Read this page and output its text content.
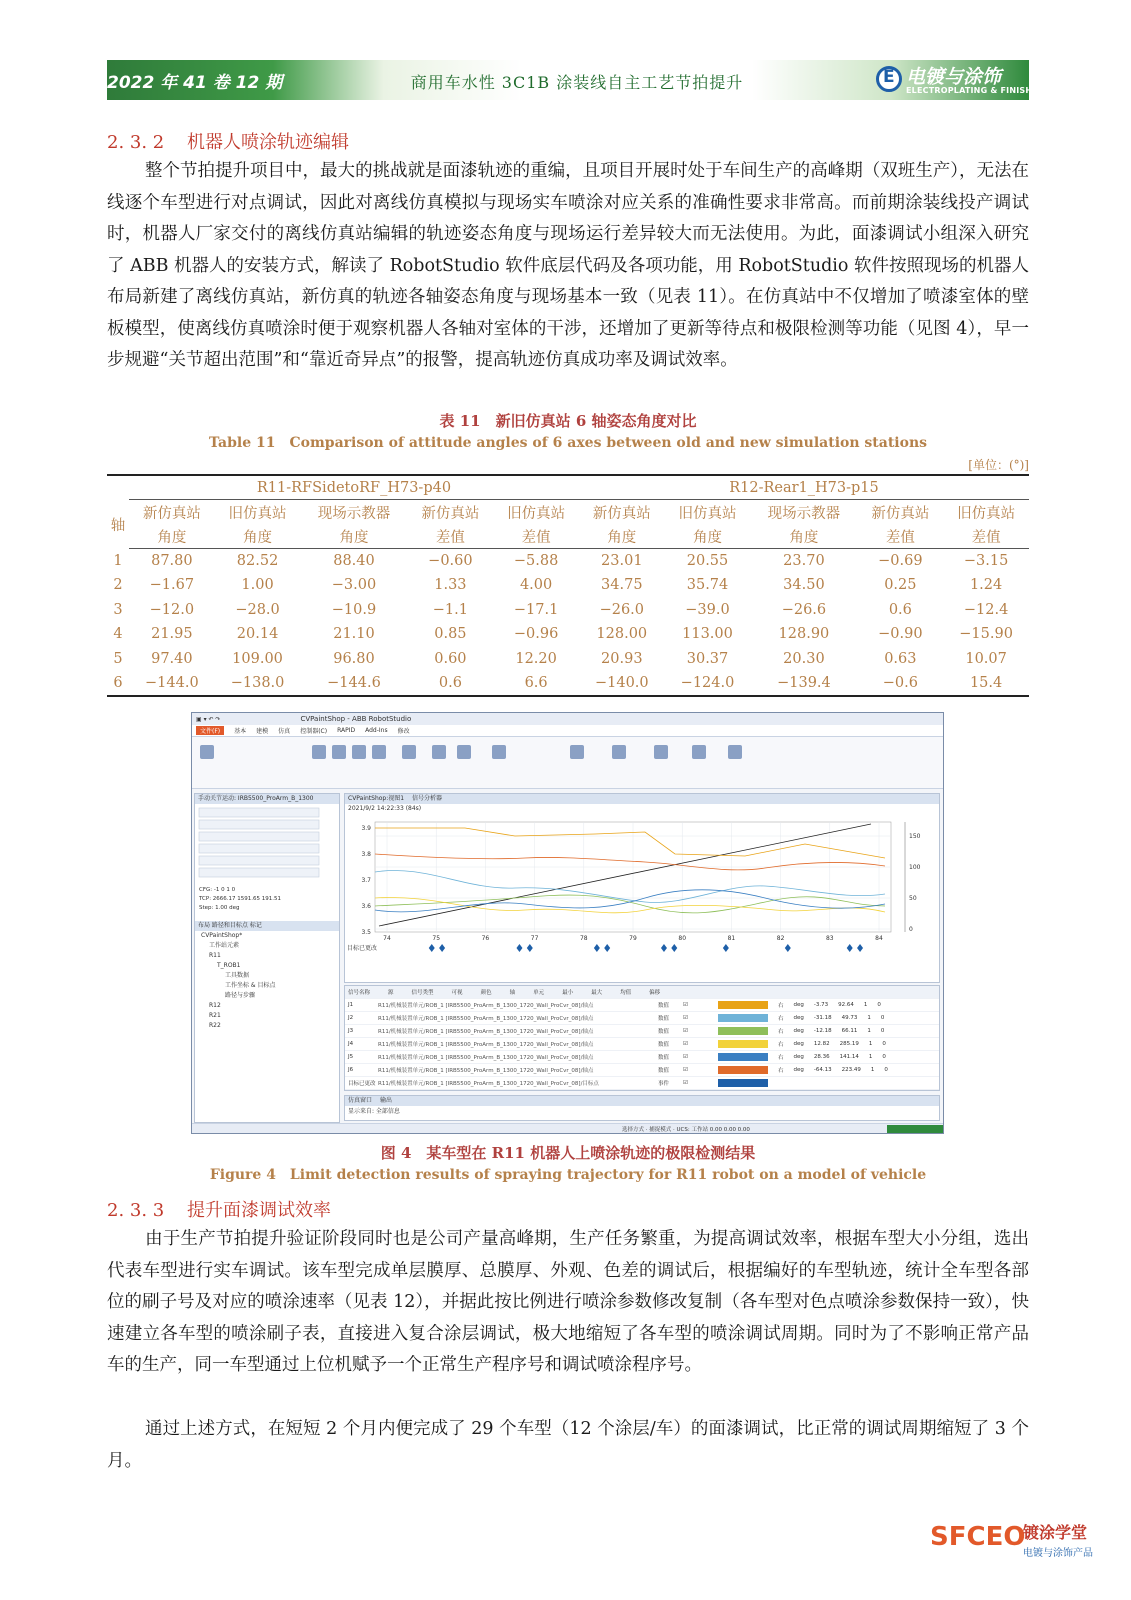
2022 年 41 卷 12 期	商用车水性 3C1B 涂装线自主工艺节拍提升 E	电镀与涂饰
ELECTROPLATING & FINISHING
2. 3. 2 机器人喷涂轨迹编辑
整个节拍提升项目中，最大的挑战就是面漆轨迹的重编，且项目开展时处于车间生产的高峰期（双班生产），无法在线逐个车型进行对点调试，因此对离线仿真模拟与现场实车喷涂对应关系的准确性要求非常高。而前期涂装线投产调试时，机器人厂家交付的离线仿真站编辑的轨迹姿态角度与现场运行差异较大而无法使用。为此，面漆调试小组深入研究了 ABB 机器人的安装方式，解读了 RobotStudio 软件底层代码及各项功能，用 RobotStudio 软件按照现场的机器人布局新建了离线仿真站，新仿真的轨迹各轴姿态角度与现场基本一致（见表 11）。在仿真站中不仅增加了喷漆室体的壁板模型，使离线仿真喷涂时便于观察机器人各轴对室体的干涉，还增加了更新等待点和极限检测等功能（见图 4），早一步规避“关节超出范围”和“靠近奇异点”的报警，提高轨迹仿真成功率及调试效率。
表 11　新旧仿真站 6 轴姿态角度对比
Table 11　Comparison of attitude angles of 6 axes between old and new simulation stations
[单位：(°)]
	R11-RFSidetoRF_H73-p40					R12-Rear1_H73-p15				
轴	新仿真站	旧仿真站	现场示教器	新仿真站	旧仿真站	新仿真站	旧仿真站	现场示教器	新仿真站	旧仿真站
	角度	角度	角度	差值	差值	角度	角度	角度	差值	差值
1	87.80	82.52	88.40	−0.60	−5.88	23.01	20.55	23.70	−0.69	−3.15
2	−1.67	1.00	−3.00	1.33	4.00	34.75	35.74	34.50	0.25	1.24
3	−12.0	−28.0	−10.9	−1.1	−17.1	−26.0	−39.0	−26.6	0.6	−12.4
4	21.95	20.14	21.10	0.85	−0.96	128.00	113.00	128.90	−0.90	−15.90
5	97.40	109.00	96.80	0.60	12.20	20.93	30.37	20.30	0.63	10.07
6	−144.0	−138.0	−144.6	0.6	6.6	−140.0	−124.0	−139.4	−0.6	15.4
▣ ▾ ↶ ↷	CVPaintShop - ABB RobotStudio
文件(F)	基本 建模 仿真 控制器(C) RAPID Add-Ins 修改
手动关节运动: IRB5500_ProArm_B_1300
CFG: -1 0 1 0
TCP: 2666.17 1591.65 191.51
Step: 1.00 deg
布局 路径和目标点 标记
CVPaintShop*
工作站元素
R11
T_ROB1
工具数据
工作坐标 & 目标点
路径与步骤
R12
R21
R22
CVPaintShop:视图1　 信号分析器
2021/9/2 14:22:33 (84s)
74	75	76	77	78	79	80	81	82	83	84
3.9
3.8
3.7
3.6
3.5
150
100
50
0
目标已更改
信号名称	源	信号类型	可视	颜色	轴	单元	最小	最大	均值	偏移
J1	R11/机械装置单元/ROB_1 [IRB5500_ProArm_B_1300_1720_Wall_ProCvr_08]/轴点	数值	☑	右 deg -3.73 92.64 1 0
J2	R11/机械装置单元/ROB_1 [IRB5500_ProArm_B_1300_1720_Wall_ProCvr_08]/轴点	数值	☑	右 deg -31.18 49.73 1 0
J3	R11/机械装置单元/ROB_1 [IRB5500_ProArm_B_1300_1720_Wall_ProCvr_08]/轴点	数值	☑	右 deg -12.18 66.11 1 0
J4	R11/机械装置单元/ROB_1 [IRB5500_ProArm_B_1300_1720_Wall_ProCvr_08]/轴点	数值	☑	右 deg 12.82 285.19 1 0
J5	R11/机械装置单元/ROB_1 [IRB5500_ProArm_B_1300_1720_Wall_ProCvr_08]/轴点	数值	☑	右 deg 28.36 141.14 1 0
J6	R11/机械装置单元/ROB_1 [IRB5500_ProArm_B_1300_1720_Wall_ProCvr_08]/轴点	数值	☑	右 deg -64.13 223.49 1 0
目标已更改 R11/机械装置单元/ROB_1 [IRB5500_ProArm_B_1300_1720_Wall_ProCvr_08]/目标点	事件	☑
仿真窗口　 输出
显示来自: 全部信息
选择方式 · 捕捉模式 · UCS: 工作站 0.00 0.00 0.00
图 4　某车型在 R11 机器人上喷涂轨迹的极限检测结果
Figure 4　Limit detection results of spraying trajectory for R11 robot on a model of vehicle
2. 3. 3 提升面漆调试效率
由于生产节拍提升验证阶段同时也是公司产量高峰期，生产任务繁重，为提高调试效率，根据车型大小分组，选出代表车型进行实车调试。该车型完成单层膜厚、总膜厚、外观、色差的调试后，根据编好的车型轨迹，统计全车型各部位的刷子号及对应的喷涂速率（见表 12），并据此按比例进行喷涂参数修改复制（各车型对色点喷涂参数保持一致），快速建立各车型的喷涂刷子表，直接进入复合涂层调试，极大地缩短了各车型的喷涂调试周期。同时为了不影响正常产品车的生产，同一车型通过上位机赋予一个正常生产程序号和调试喷涂程序号。
通过上述方式，在短短 2 个月内便完成了 29 个车型（12 个涂层/车）的面漆调试，比正常的调试周期缩短了 3 个月。
SFCEO
镀涂学堂
电镀与涂饰产品
